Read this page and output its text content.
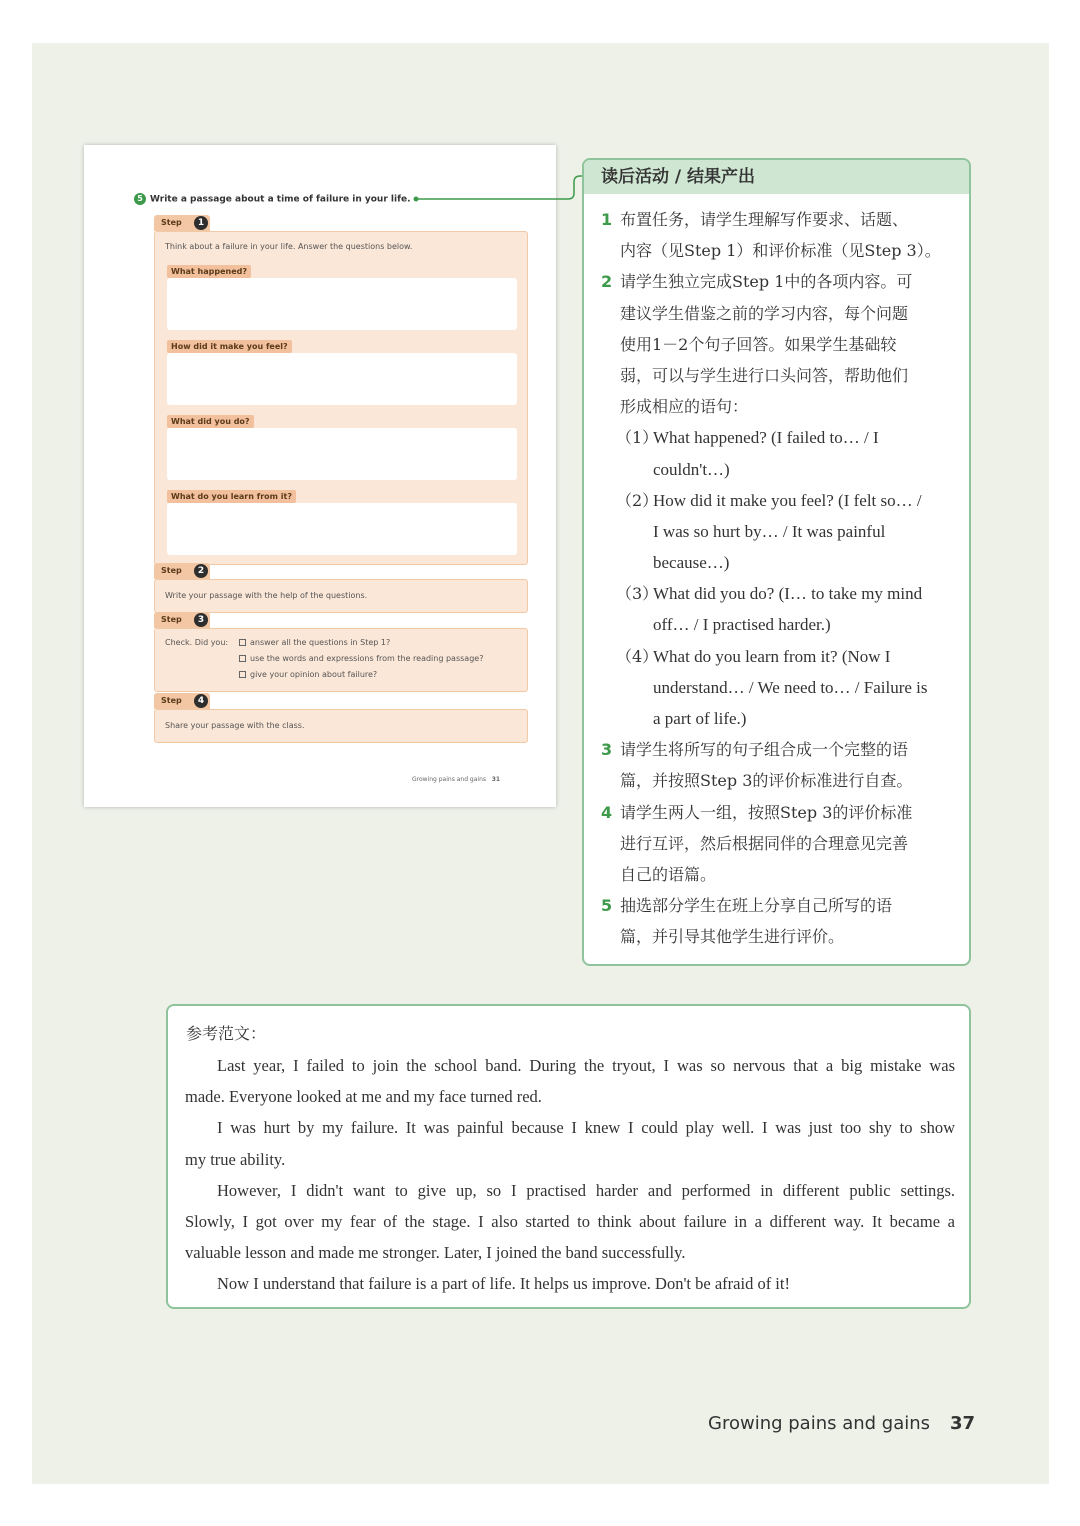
5 Write a passage about a time of failure in your life.
Step	1
Think about a failure in your life. Answer the questions below.
What happened?
How did it make you feel?
What did you do?
What do you learn from it?
Step	2
Write your passage with the help of the questions.
Step	3
Check. Did you:	answer all the questions in Step 1?
use the words and expressions from the reading passage?
give your opinion about failure?
Step	4
Share your passage with the class.
Growing pains and gains 31
读后活动 / 结果产出
1 布置任务，请学生理解写作要求、话题、
内容（见Step 1）和评价标准（见Step 3）。
2 请学生独立完成Step 1中的各项内容。可
建议学生借鉴之前的学习内容，每个问题
使用1－2个句子回答。如果学生基础较
弱，可以与学生进行口头问答，帮助他们
形成相应的语句：
（1）
What happened? (I failed to… / I
couldn't…)
（2）
How did it make you feel? (I felt so… /
I was so hurt by… / It was painful
because…)
（3）
What did you do? (I… to take my mind
off… / I practised harder.)
（4）
What do you learn from it? (Now I
understand… / We need to… / Failure is
a part of life.)
3 请学生将所写的句子组合成一个完整的语
篇，并按照Step 3的评价标准进行自查。
4 请学生两人一组，按照Step 3的评价标准
进行互评，然后根据同伴的合理意见完善
自己的语篇。
5 抽选部分学生在班上分享自己所写的语
篇，并引导其他学生进行评价。
参考范文：
Last year, I failed to join the school band. During the tryout, I was so nervous that a big mistake was
made. Everyone looked at me and my face turned red.
I was hurt by my failure. It was painful because I knew I could play well. I was just too shy to show
my true ability.
However, I didn't want to give up, so I practised harder and performed in different public settings.
Slowly, I got over my fear of the stage. I also started to think about failure in a different way. It became a
valuable lesson and made me stronger. Later, I joined the band successfully.
Now I understand that failure is a part of life. It helps us improve. Don't be afraid of it!
Growing pains and gains 37
